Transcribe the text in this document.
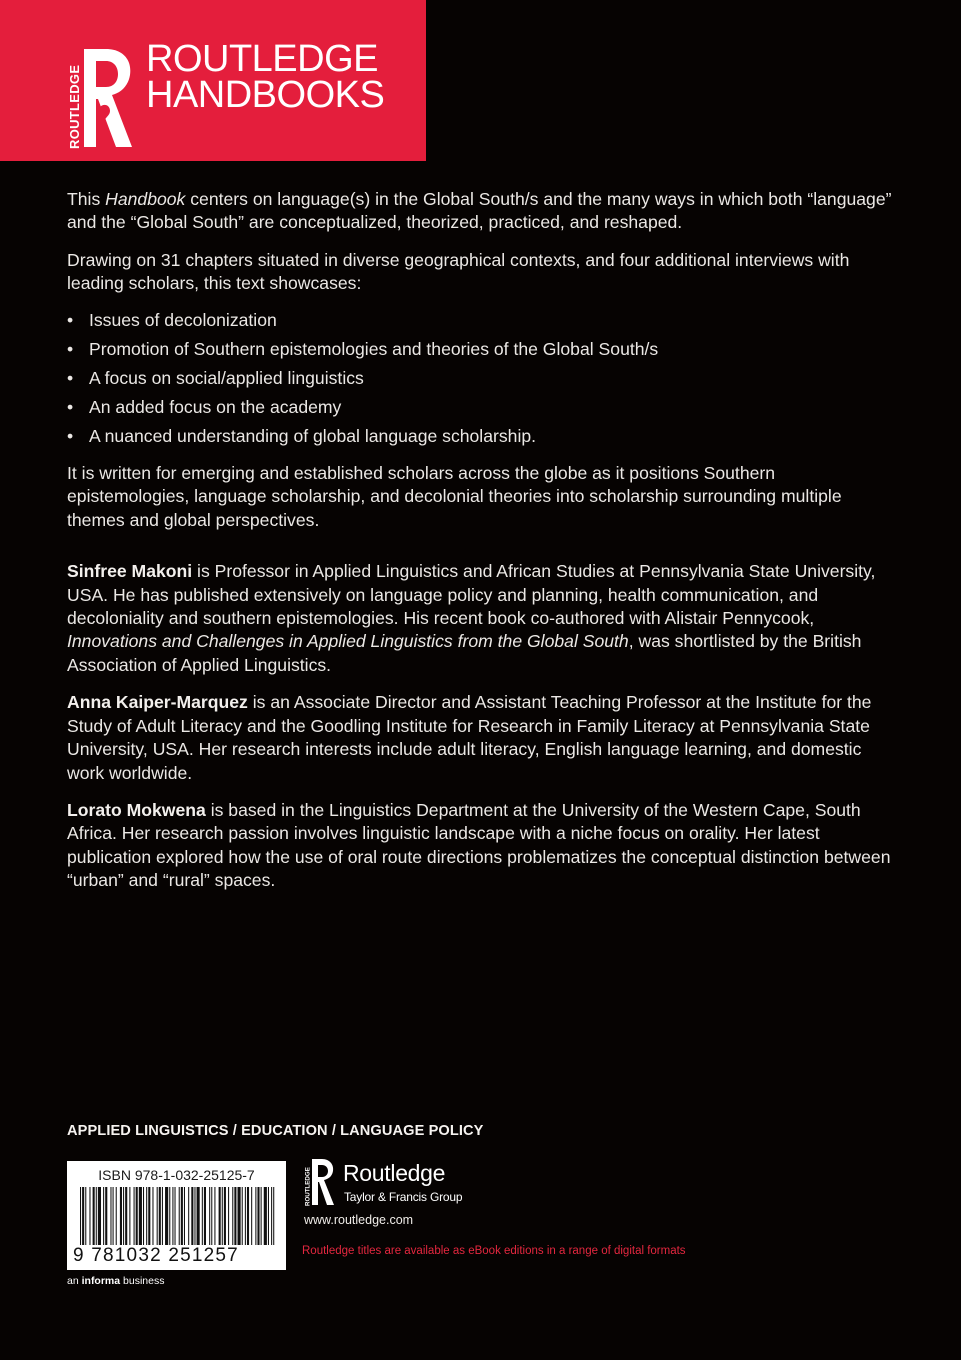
ROUTLEDGE
ROUTLEDGE
HANDBOOKS

This Handbook centers on language(s) in the Global South/s and the many ways in which both “language” and the “Global South” are conceptualized, theorized, practiced, and reshaped.

Drawing on 31 chapters situated in diverse geographical contexts, and four additional interviews with leading scholars, this text showcases:

• Issues of decolonization
• Promotion of Southern epistemologies and theories of the Global South/s
• A focus on social/applied linguistics
• An added focus on the academy
• A nuanced understanding of global language scholarship.

It is written for emerging and established scholars across the globe as it positions Southern epistemologies, language scholarship, and decolonial theories into scholarship surrounding multiple themes and global perspectives.

Sinfree Makoni is Professor in Applied Linguistics and African Studies at Pennsylvania State University, USA. He has published extensively on language policy and planning, health communication, and decoloniality and southern epistemologies. His recent book co-authored with Alistair Pennycook, Innovations and Challenges in Applied Linguistics from the Global South, was shortlisted by the British Association of Applied Linguistics.

Anna Kaiper-Marquez is an Associate Director and Assistant Teaching Professor at the Institute for the Study of Adult Literacy and the Goodling Institute for Research in Family Literacy at Pennsylvania State University, USA. Her research interests include adult literacy, English language learning, and domestic work worldwide.

Lorato Mokwena is based in the Linguistics Department at the University of the Western Cape, South Africa. Her research passion involves linguistic landscape with a niche focus on orality. Her latest publication explored how the use of oral route directions problematizes the conceptual distinction between “urban” and “rural” spaces.

APPLIED LINGUISTICS / EDUCATION / LANGUAGE POLICY
ISBN 978-1-032-25125-7
9 781032 251257
ROUTLEDGE Routledge
Taylor & Francis Group
www.routledge.com
Routledge titles are available as eBook editions in a range of digital formats
an informa business
